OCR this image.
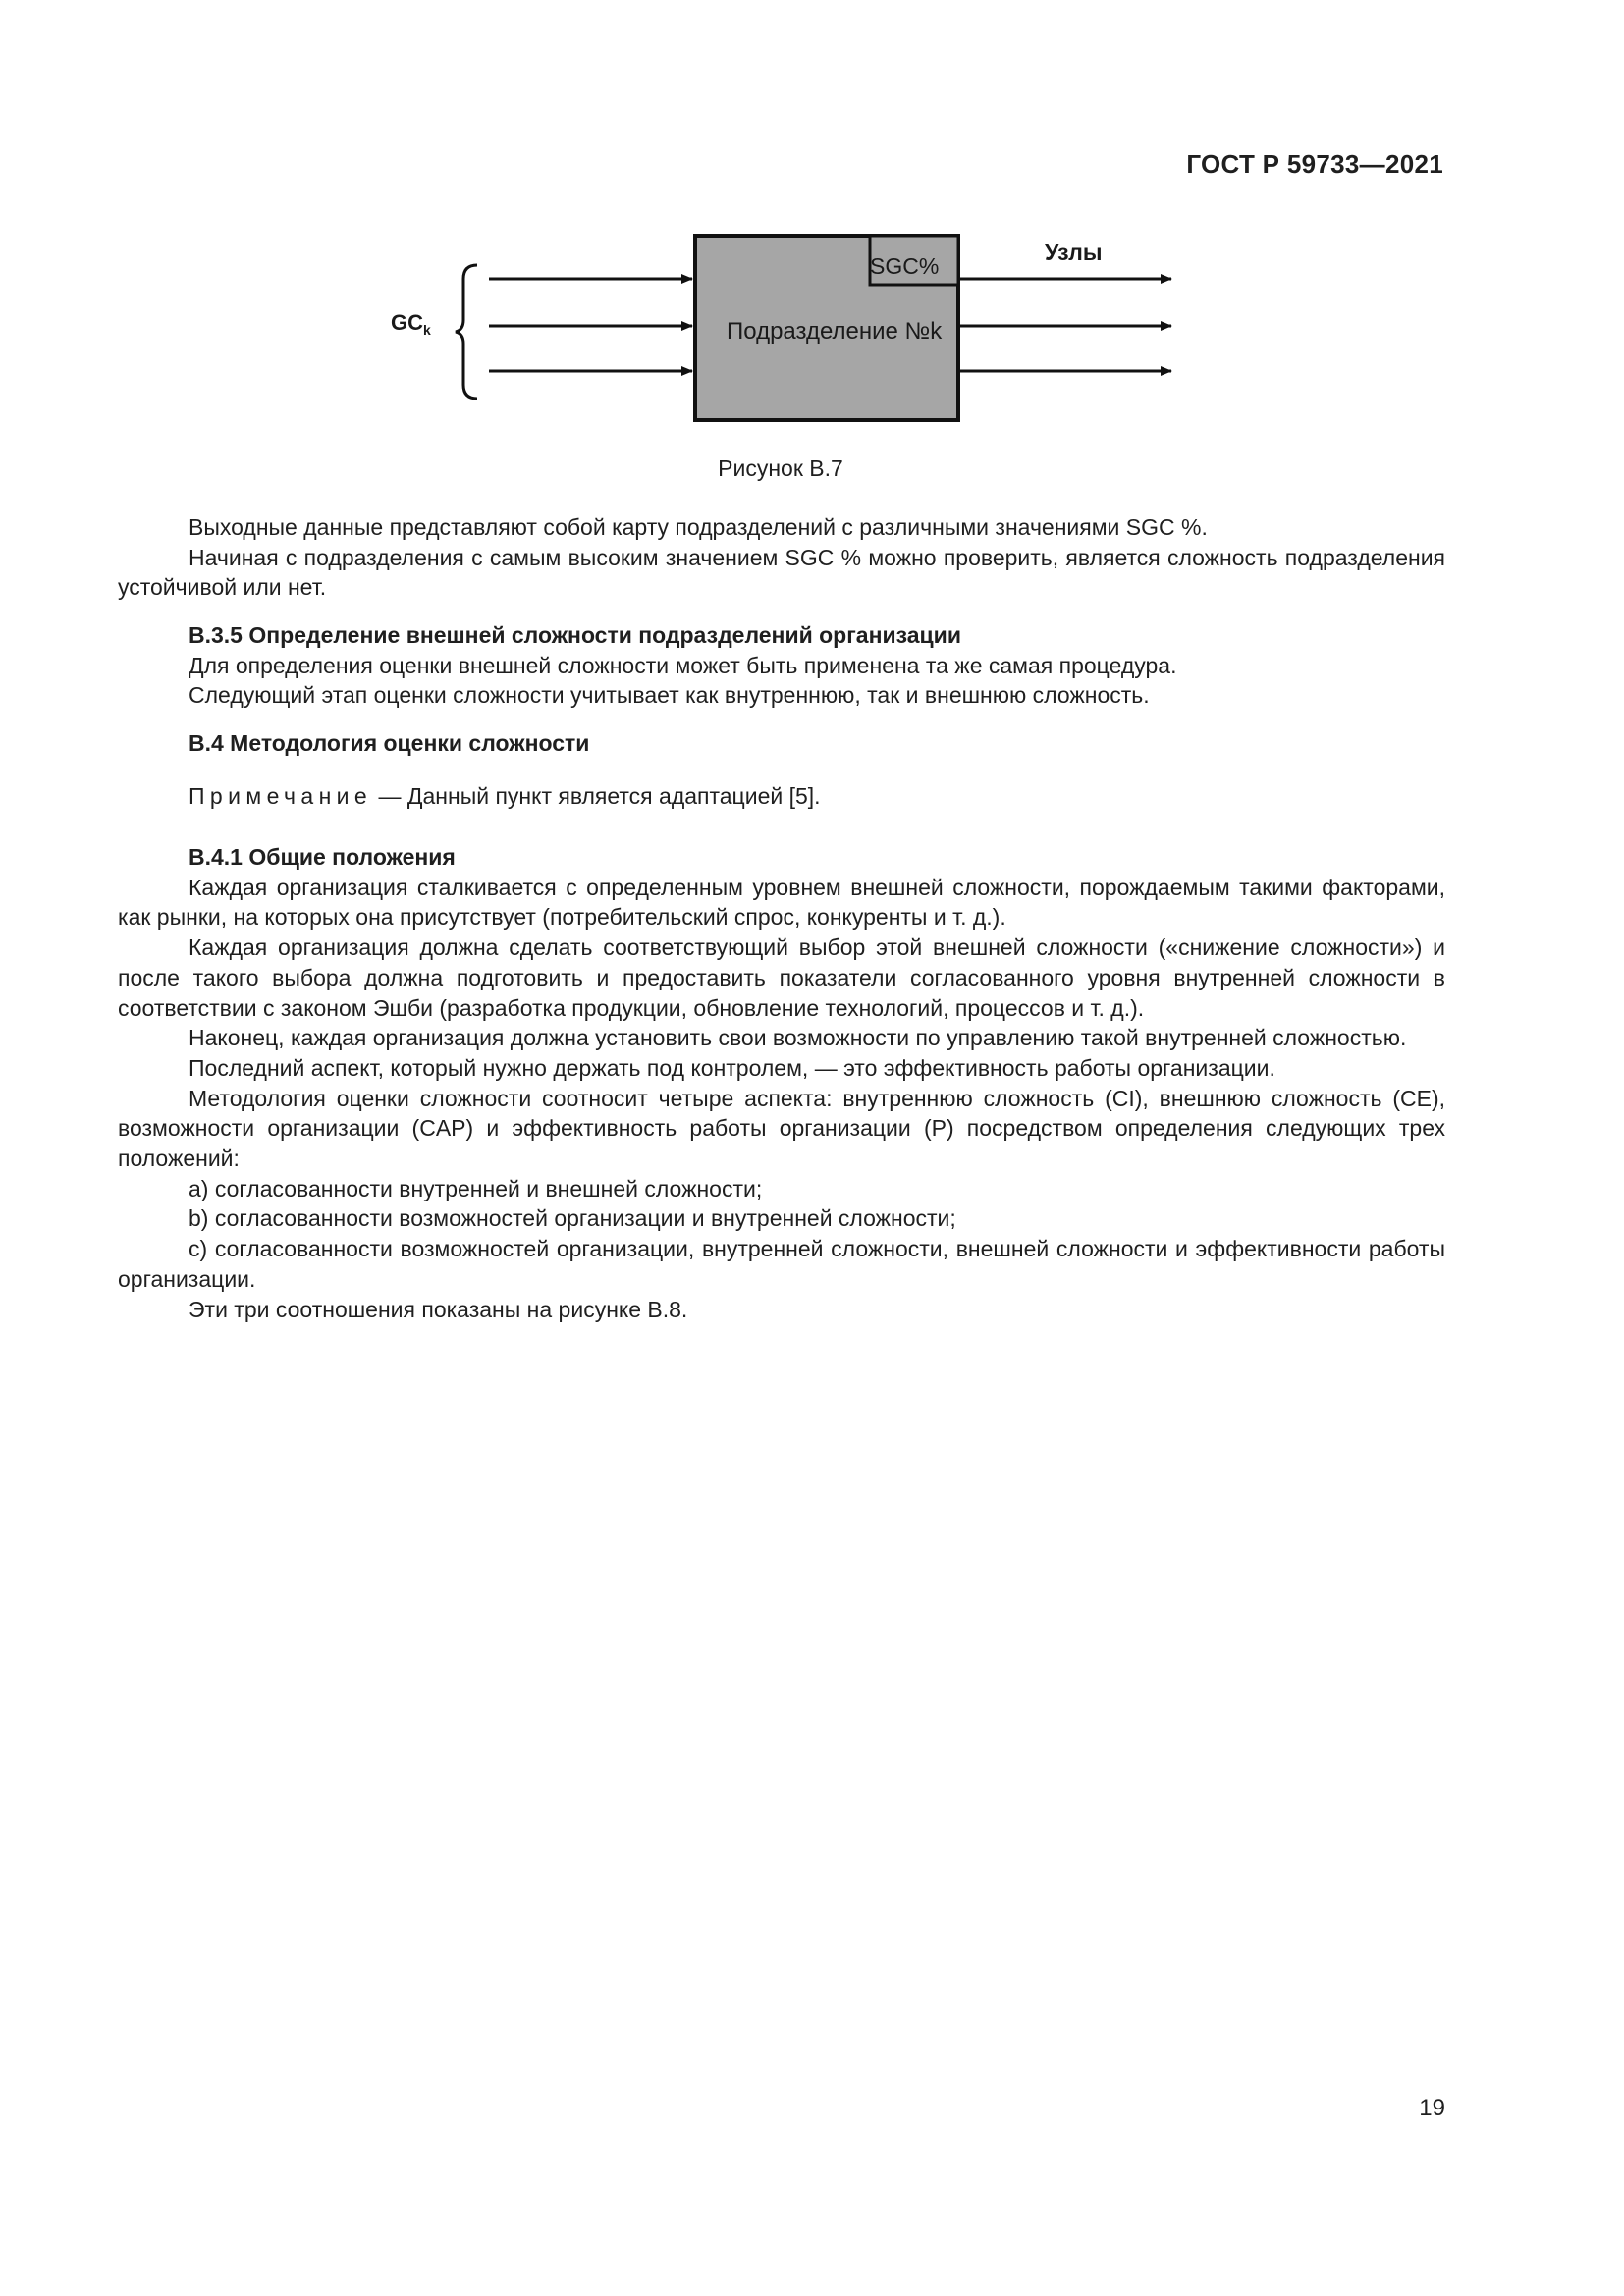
ГОСТ Р 59733—2021
$GC_k$
SGC%
Подразделение №k
Узлы
Рисунок В.7

Выходные данные представляют собой карту подразделений с различными значениями SGC %.

Начиная с подразделения с самым высоким значением SGC % можно проверить, является сложность подразделения устойчивой или нет.

В.3.5 Определение внешней сложности подразделений организации

Для определения оценки внешней сложности может быть применена та же самая процедура.

Следующий этап оценки сложности учитывает как внутреннюю, так и внешнюю сложность.

В.4 Методология оценки сложности
Примечание — Данный пункт является адаптацией [5].
В.4.1 Общие положения

Каждая организация сталкивается с определенным уровнем внешней сложности, порождаемым такими факторами, как рынки, на которых она присутствует (потребительский спрос, конкуренты и т. д.).

Каждая организация должна сделать соответствующий выбор этой внешней сложности («снижение сложности») и после такого выбора должна подготовить и предоставить показатели согласованного уровня внутренней сложности в соответствии с законом Эшби (разработка продукции, обновление технологий, процессов и т. д.).

Наконец, каждая организация должна установить свои возможности по управлению такой внутренней сложностью.

Последний аспект, который нужно держать под контролем, — это эффективность работы организации.

Методология оценки сложности соотносит четыре аспекта: внутреннюю сложность (CI), внешнюю сложность (CE), возможности организации (CAP) и эффективность работы организации (P) посредством определения следующих трех положений:

a) согласованности внутренней и внешней сложности;

b) согласованности возможностей организации и внутренней сложности;

c) согласованности возможностей организации, внутренней сложности, внешней сложности и эффективности работы организации.

Эти три соотношения показаны на рисунке В.8.

19
